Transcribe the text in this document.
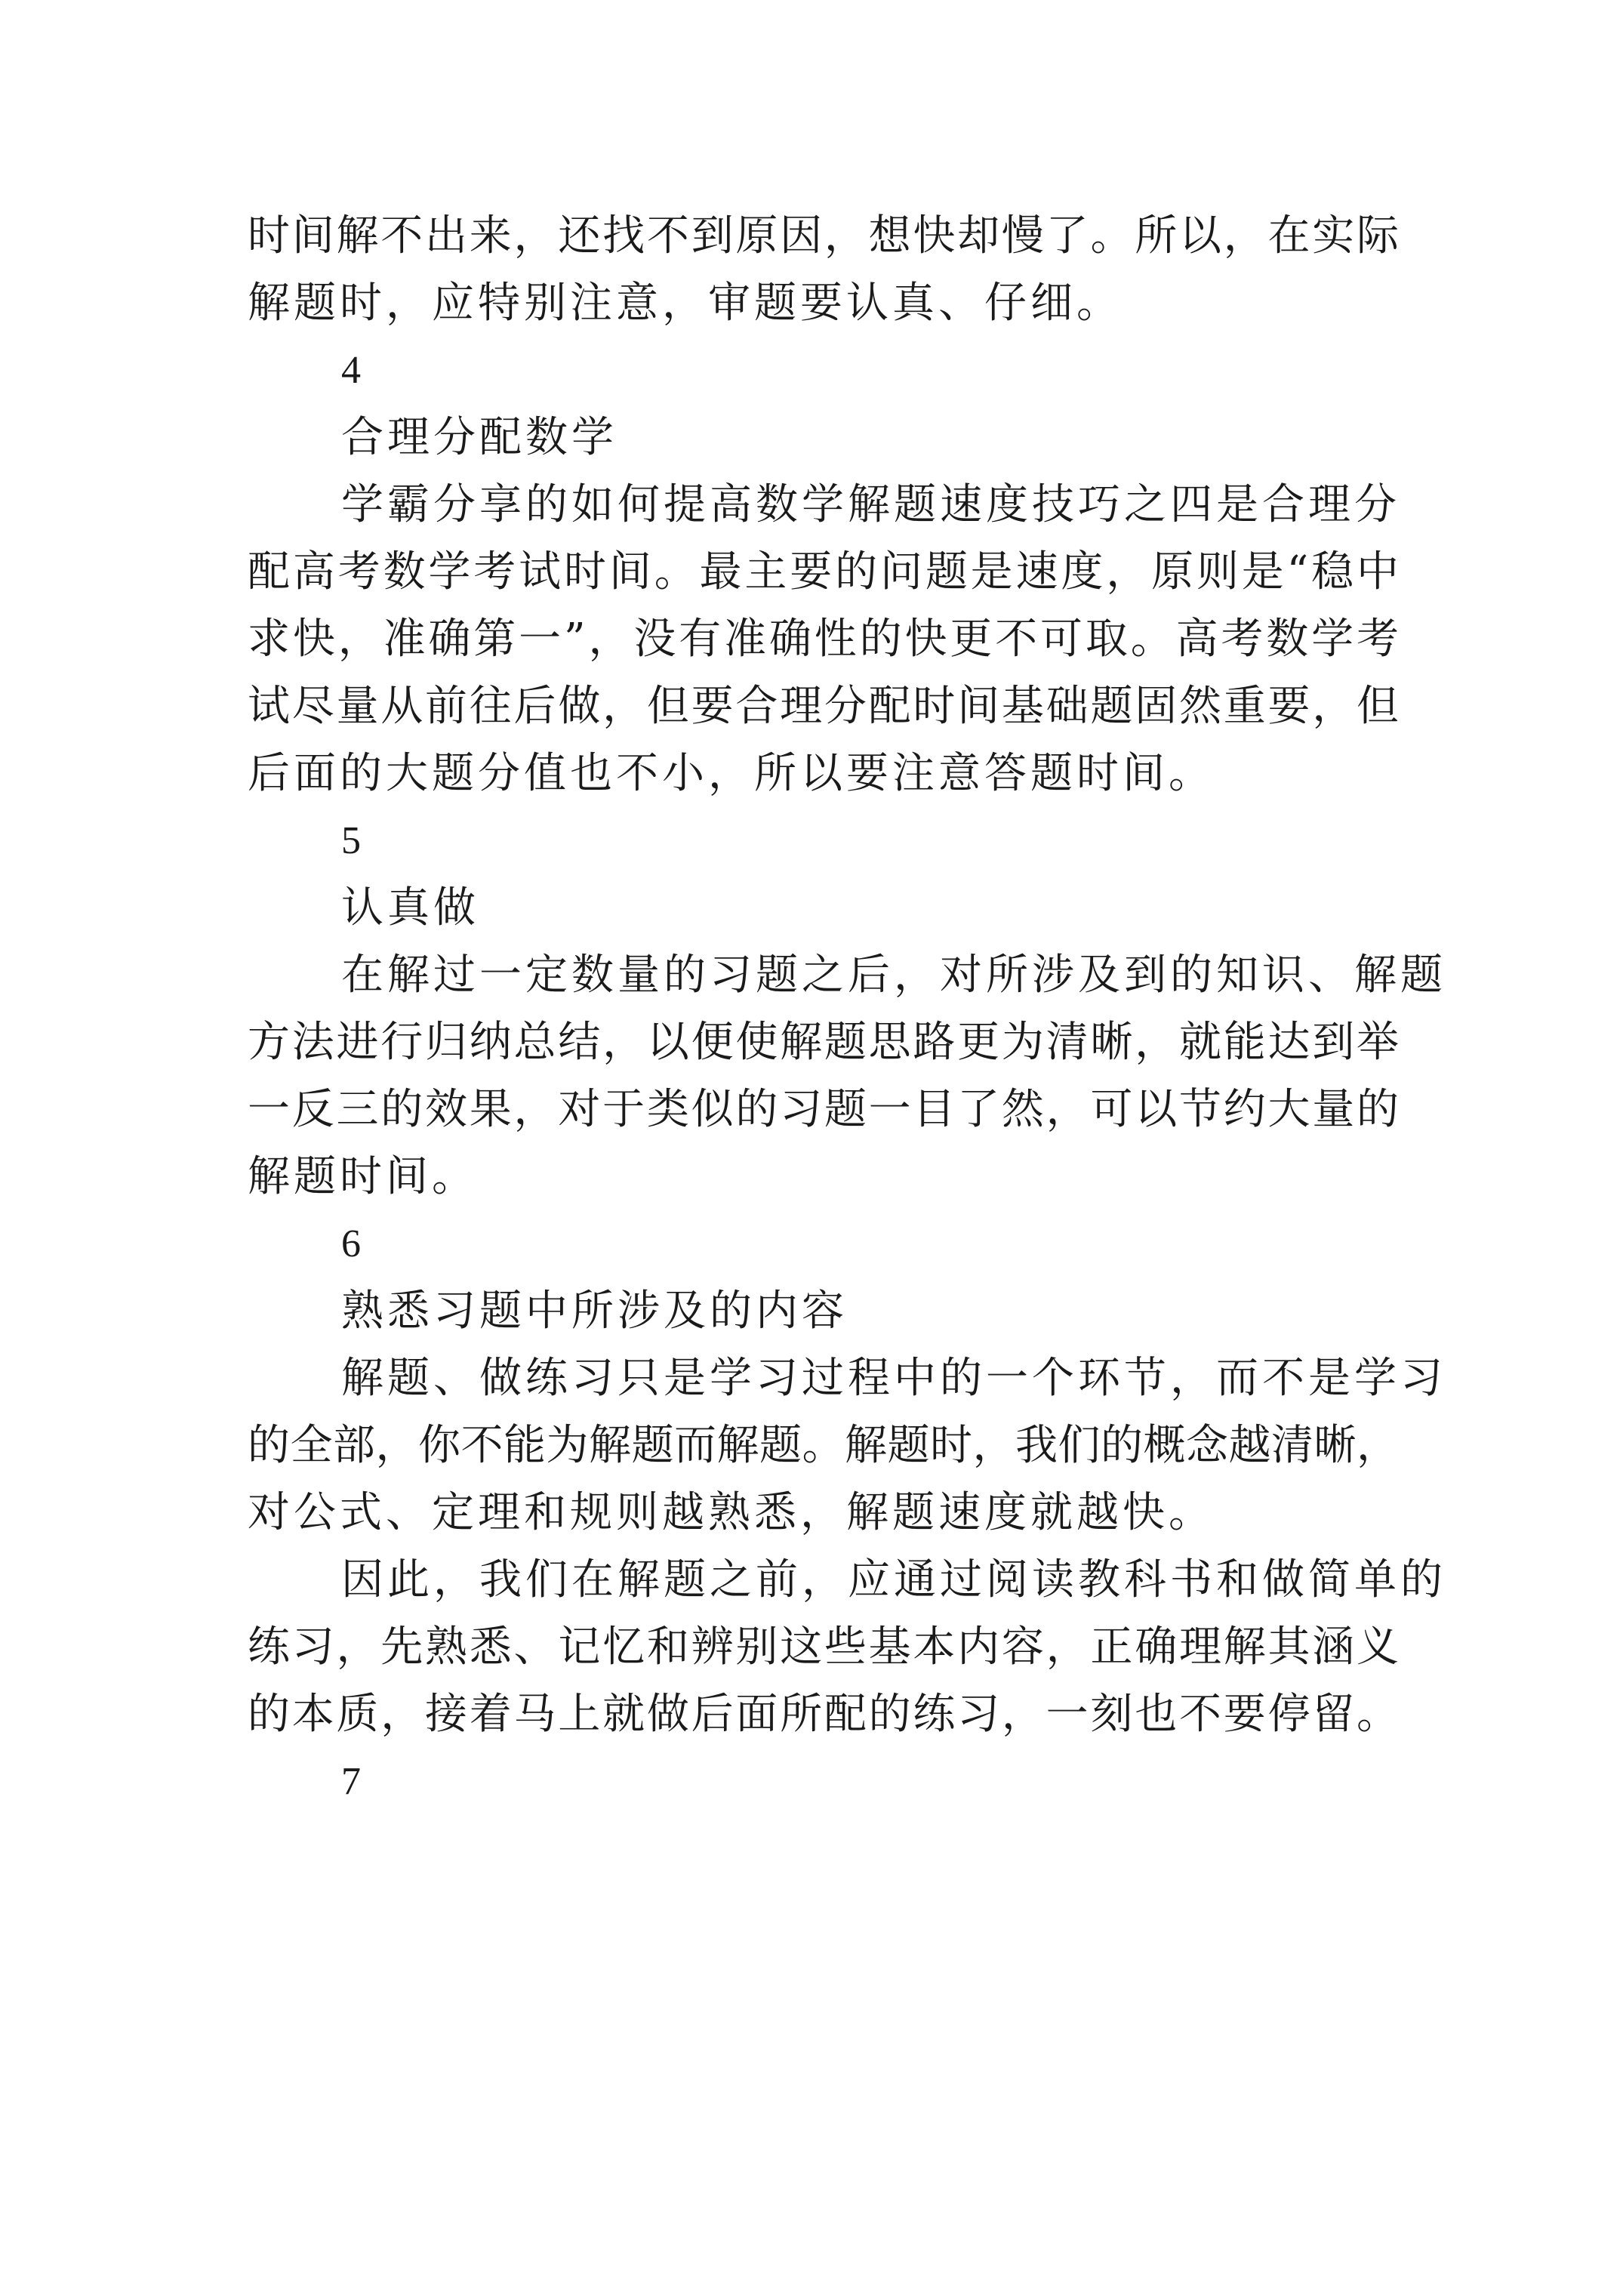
时间解不出来，还找不到原因，想快却慢了。所以，在实际
解题时，应特别注意，审题要认真、仔细。
4
合理分配数学
学霸分享的如何提高数学解题速度技巧之四是合理分
配高考数学考试时间。最主要的问题是速度，原则是“稳中
求快，准确第一”，没有准确性的快更不可取。高考数学考
试尽量从前往后做，但要合理分配时间基础题固然重要，但
后面的大题分值也不小，所以要注意答题时间。
5
认真做
在解过一定数量的习题之后，对所涉及到的知识、解题
方法进行归纳总结，以便使解题思路更为清晰，就能达到举
一反三的效果，对于类似的习题一目了然，可以节约大量的
解题时间。
6
熟悉习题中所涉及的内容
解题、做练习只是学习过程中的一个环节，而不是学习
的全部，你不能为解题而解题。解题时，我们的概念越清晰，
对公式、定理和规则越熟悉，解题速度就越快。
因此，我们在解题之前，应通过阅读教科书和做简单的
练习，先熟悉、记忆和辨别这些基本内容，正确理解其涵义
的本质，接着马上就做后面所配的练习，一刻也不要停留。
7
